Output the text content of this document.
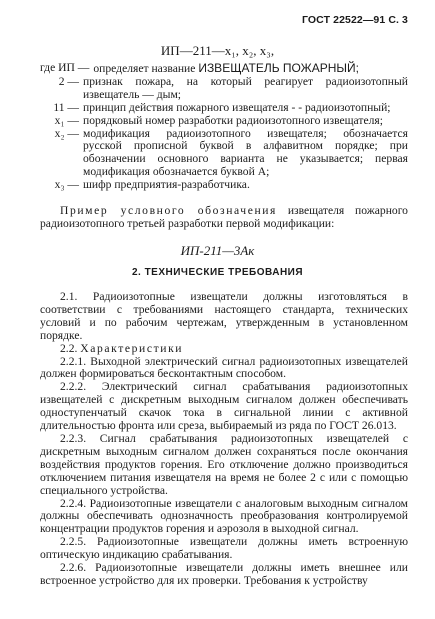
ГОСТ 22522—91 С. 3
ИП—211—x₁, x₂, x₃,
где ИП — определяет название ИЗВЕЩАТЕЛЬ ПОЖАРНЫЙ;
2 — признак пожара, на который реагирует радиоизотопный извещатель — дым;
11 — принцип действия пожарного извещателя - - радиоизотопный;
x₁ — порядковый номер разработки радиоизотопного извещателя;
x₂ — модификация радиоизотопного извещателя; обозначается русской прописной буквой в алфавитном порядке; при обозначении основного варианта не указывается; первая модификация обозначается буквой А;
x₃ — шифр предприятия-разработчика.

Пример условного обозначения извещателя пожарного радиоизотопного третьей разработки первой модификации:

ИП-211—3Ак
2. ТЕХНИЧЕСКИЕ ТРЕБОВАНИЯ

2.1. Радиоизотопные извещатели должны изготовляться в соответствии с требованиями настоящего стандарта, технических условий и по рабочим чертежам, утвержденным в установленном порядке.

2.2. Характеристики

2.2.1. Выходной электрический сигнал радиоизотопных извещателей должен формироваться бесконтактным способом.

2.2.2. Электрический сигнал срабатывания радиоизотопных извещателей с дискретным выходным сигналом должен обеспечивать одноступенчатый скачок тока в сигнальной линии с активной длительностью фронта или среза, выбираемый из ряда по ГОСТ 26.013.

2.2.3. Сигнал срабатывания радиоизотопных извещателей с дискретным выходным сигналом должен сохраняться после окончания воздействия продуктов горения. Его отключение должно производиться отключением питания извещателя на время не более 2 с или с помощью специального устройства.

2.2.4. Радиоизотопные извещатели с аналоговым выходным сигналом должны обеспечивать однозначность преобразования контролируемой концентрации продуктов горения и аэрозоля в выходной сигнал.

2.2.5. Радиоизотопные извещатели должны иметь встроенную оптическую индикацию срабатывания.

2.2.6. Радиоизотопные извещатели должны иметь внешнее или встроенное устройство для их проверки. Требования к устройству
